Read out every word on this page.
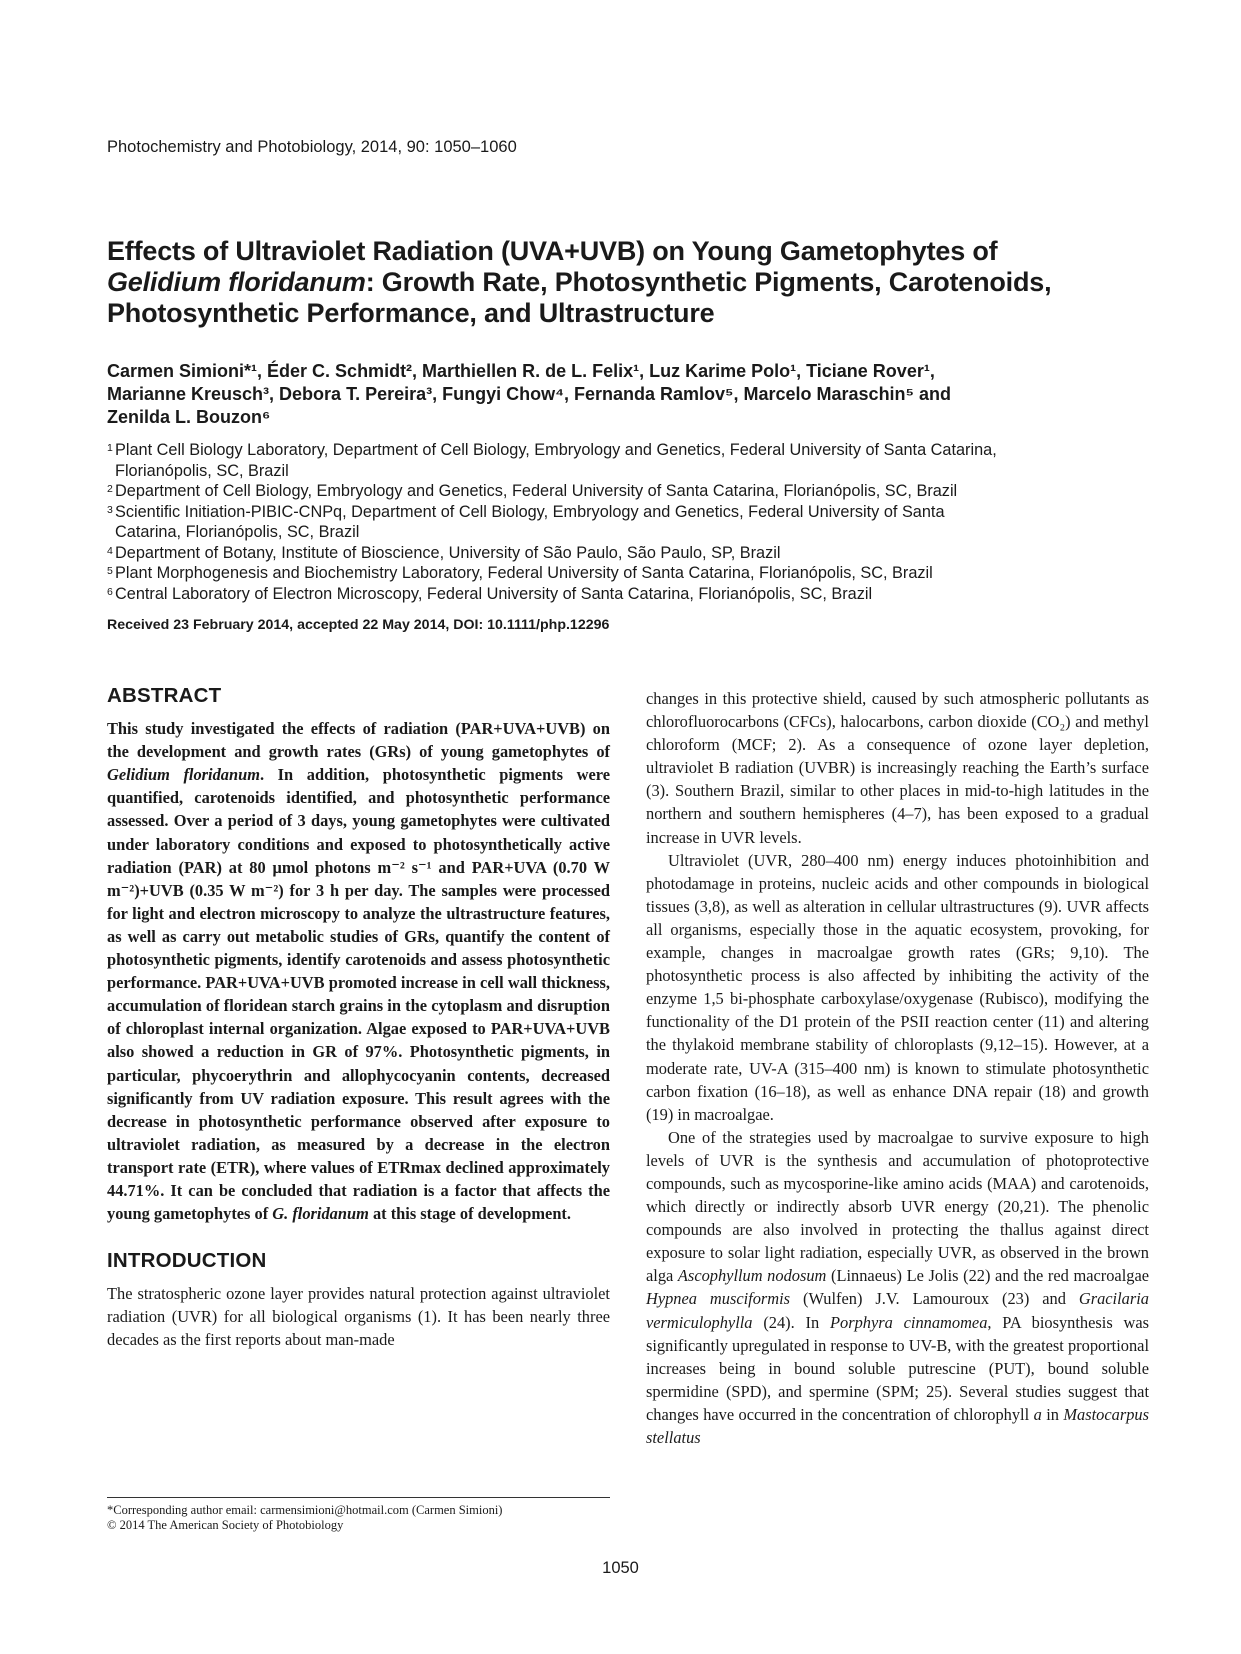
Photochemistry and Photobiology, 2014, 90: 1050–1060
Effects of Ultraviolet Radiation (UVA+UVB) on Young Gametophytes of
Gelidium floridanum: Growth Rate, Photosynthetic Pigments, Carotenoids,
Photosynthetic Performance, and Ultrastructure
Carmen Simioni*¹, Éder C. Schmidt², Marthiellen R. de L. Felix¹, Luz Karime Polo¹, Ticiane Rover¹,
Marianne Kreusch³, Debora T. Pereira³, Fungyi Chow⁴, Fernanda Ramlov⁵, Marcelo Maraschin⁵ and
Zenilda L. Bouzon⁶
1 Plant Cell Biology Laboratory, Department of Cell Biology, Embryology and Genetics, Federal University of Santa Catarina,
Florianópolis, SC, Brazil
2 Department of Cell Biology, Embryology and Genetics, Federal University of Santa Catarina, Florianópolis, SC, Brazil
3 Scientific Initiation-PIBIC-CNPq, Department of Cell Biology, Embryology and Genetics, Federal University of Santa
Catarina, Florianópolis, SC, Brazil
4 Department of Botany, Institute of Bioscience, University of São Paulo, São Paulo, SP, Brazil
5 Plant Morphogenesis and Biochemistry Laboratory, Federal University of Santa Catarina, Florianópolis, SC, Brazil
6 Central Laboratory of Electron Microscopy, Federal University of Santa Catarina, Florianópolis, SC, Brazil
Received 23 February 2014, accepted 22 May 2014, DOI: 10.1111/php.12296
ABSTRACT

This study investigated the effects of radiation (PAR+UVA+UVB) on the development and growth rates (GRs) of young gametophytes of Gelidium floridanum. In addition, photosynthetic pigments were quantified, carotenoids identified, and photosynthetic performance assessed. Over a period of 3 days, young gametophytes were cultivated under laboratory conditions and exposed to photosynthetically active radiation (PAR) at 80 μmol photons m⁻² s⁻¹ and PAR+UVA (0.70 W m⁻²)+UVB (0.35 W m⁻²) for 3 h per day. The samples were processed for light and electron microscopy to analyze the ultrastructure features, as well as carry out metabolic studies of GRs, quantify the content of photosynthetic pigments, identify carotenoids and assess photosynthetic performance. PAR+UVA+UVB promoted increase in cell wall thickness, accumulation of floridean starch grains in the cytoplasm and disruption of chloroplast internal organization. Algae exposed to PAR+UVA+UVB also showed a reduction in GR of 97%. Photosynthetic pigments, in particular, phycoerythrin and allophycocyanin contents, decreased significantly from UV radiation exposure. This result agrees with the decrease in photosynthetic performance observed after exposure to ultraviolet radiation, as measured by a decrease in the electron transport rate (ETR), where values of ETRmax declined approximately 44.71%. It can be concluded that radiation is a factor that affects the young gametophytes of G. floridanum at this stage of development.

INTRODUCTION

The stratospheric ozone layer provides natural protection against ultraviolet radiation (UVR) for all biological organisms (1). It has been nearly three decades as the first reports about man-made

changes in this protective shield, caused by such atmospheric pollutants as chlorofluorocarbons (CFCs), halocarbons, carbon dioxide (CO₂) and methyl chloroform (MCF; 2). As a consequence of ozone layer depletion, ultraviolet B radiation (UVBR) is increasingly reaching the Earth’s surface (3). Southern Brazil, similar to other places in mid-to-high latitudes in the northern and southern hemispheres (4–7), has been exposed to a gradual increase in UVR levels.

Ultraviolet (UVR, 280–400 nm) energy induces photoinhibition and photodamage in proteins, nucleic acids and other compounds in biological tissues (3,8), as well as alteration in cellular ultrastructures (9). UVR affects all organisms, especially those in the aquatic ecosystem, provoking, for example, changes in macroalgae growth rates (GRs; 9,10). The photosynthetic process is also affected by inhibiting the activity of the enzyme 1,5 bi-phosphate carboxylase/oxygenase (Rubisco), modifying the functionality of the D1 protein of the PSII reaction center (11) and altering the thylakoid membrane stability of chloroplasts (9,12–15). However, at a moderate rate, UV-A (315–400 nm) is known to stimulate photosynthetic carbon fixation (16–18), as well as enhance DNA repair (18) and growth (19) in macroalgae.

One of the strategies used by macroalgae to survive exposure to high levels of UVR is the synthesis and accumulation of photoprotective compounds, such as mycosporine-like amino acids (MAA) and carotenoids, which directly or indirectly absorb UVR energy (20,21). The phenolic compounds are also involved in protecting the thallus against direct exposure to solar light radiation, especially UVR, as observed in the brown alga Ascophyllum nodosum (Linnaeus) Le Jolis (22) and the red macroalgae Hypnea musciformis (Wulfen) J.V. Lamouroux (23) and Gracilaria vermiculophylla (24). In Porphyra cinnamomea, PA biosynthesis was significantly upregulated in response to UV-B, with the greatest proportional increases being in bound soluble putrescine (PUT), bound soluble spermidine (SPD), and spermine (SPM; 25). Several studies suggest that changes have occurred in the concentration of chlorophyll a in Mastocarpus stellatus

*Corresponding author email: carmensimioni@hotmail.com (Carmen Simioni)
© 2014 The American Society of Photobiology
1050
